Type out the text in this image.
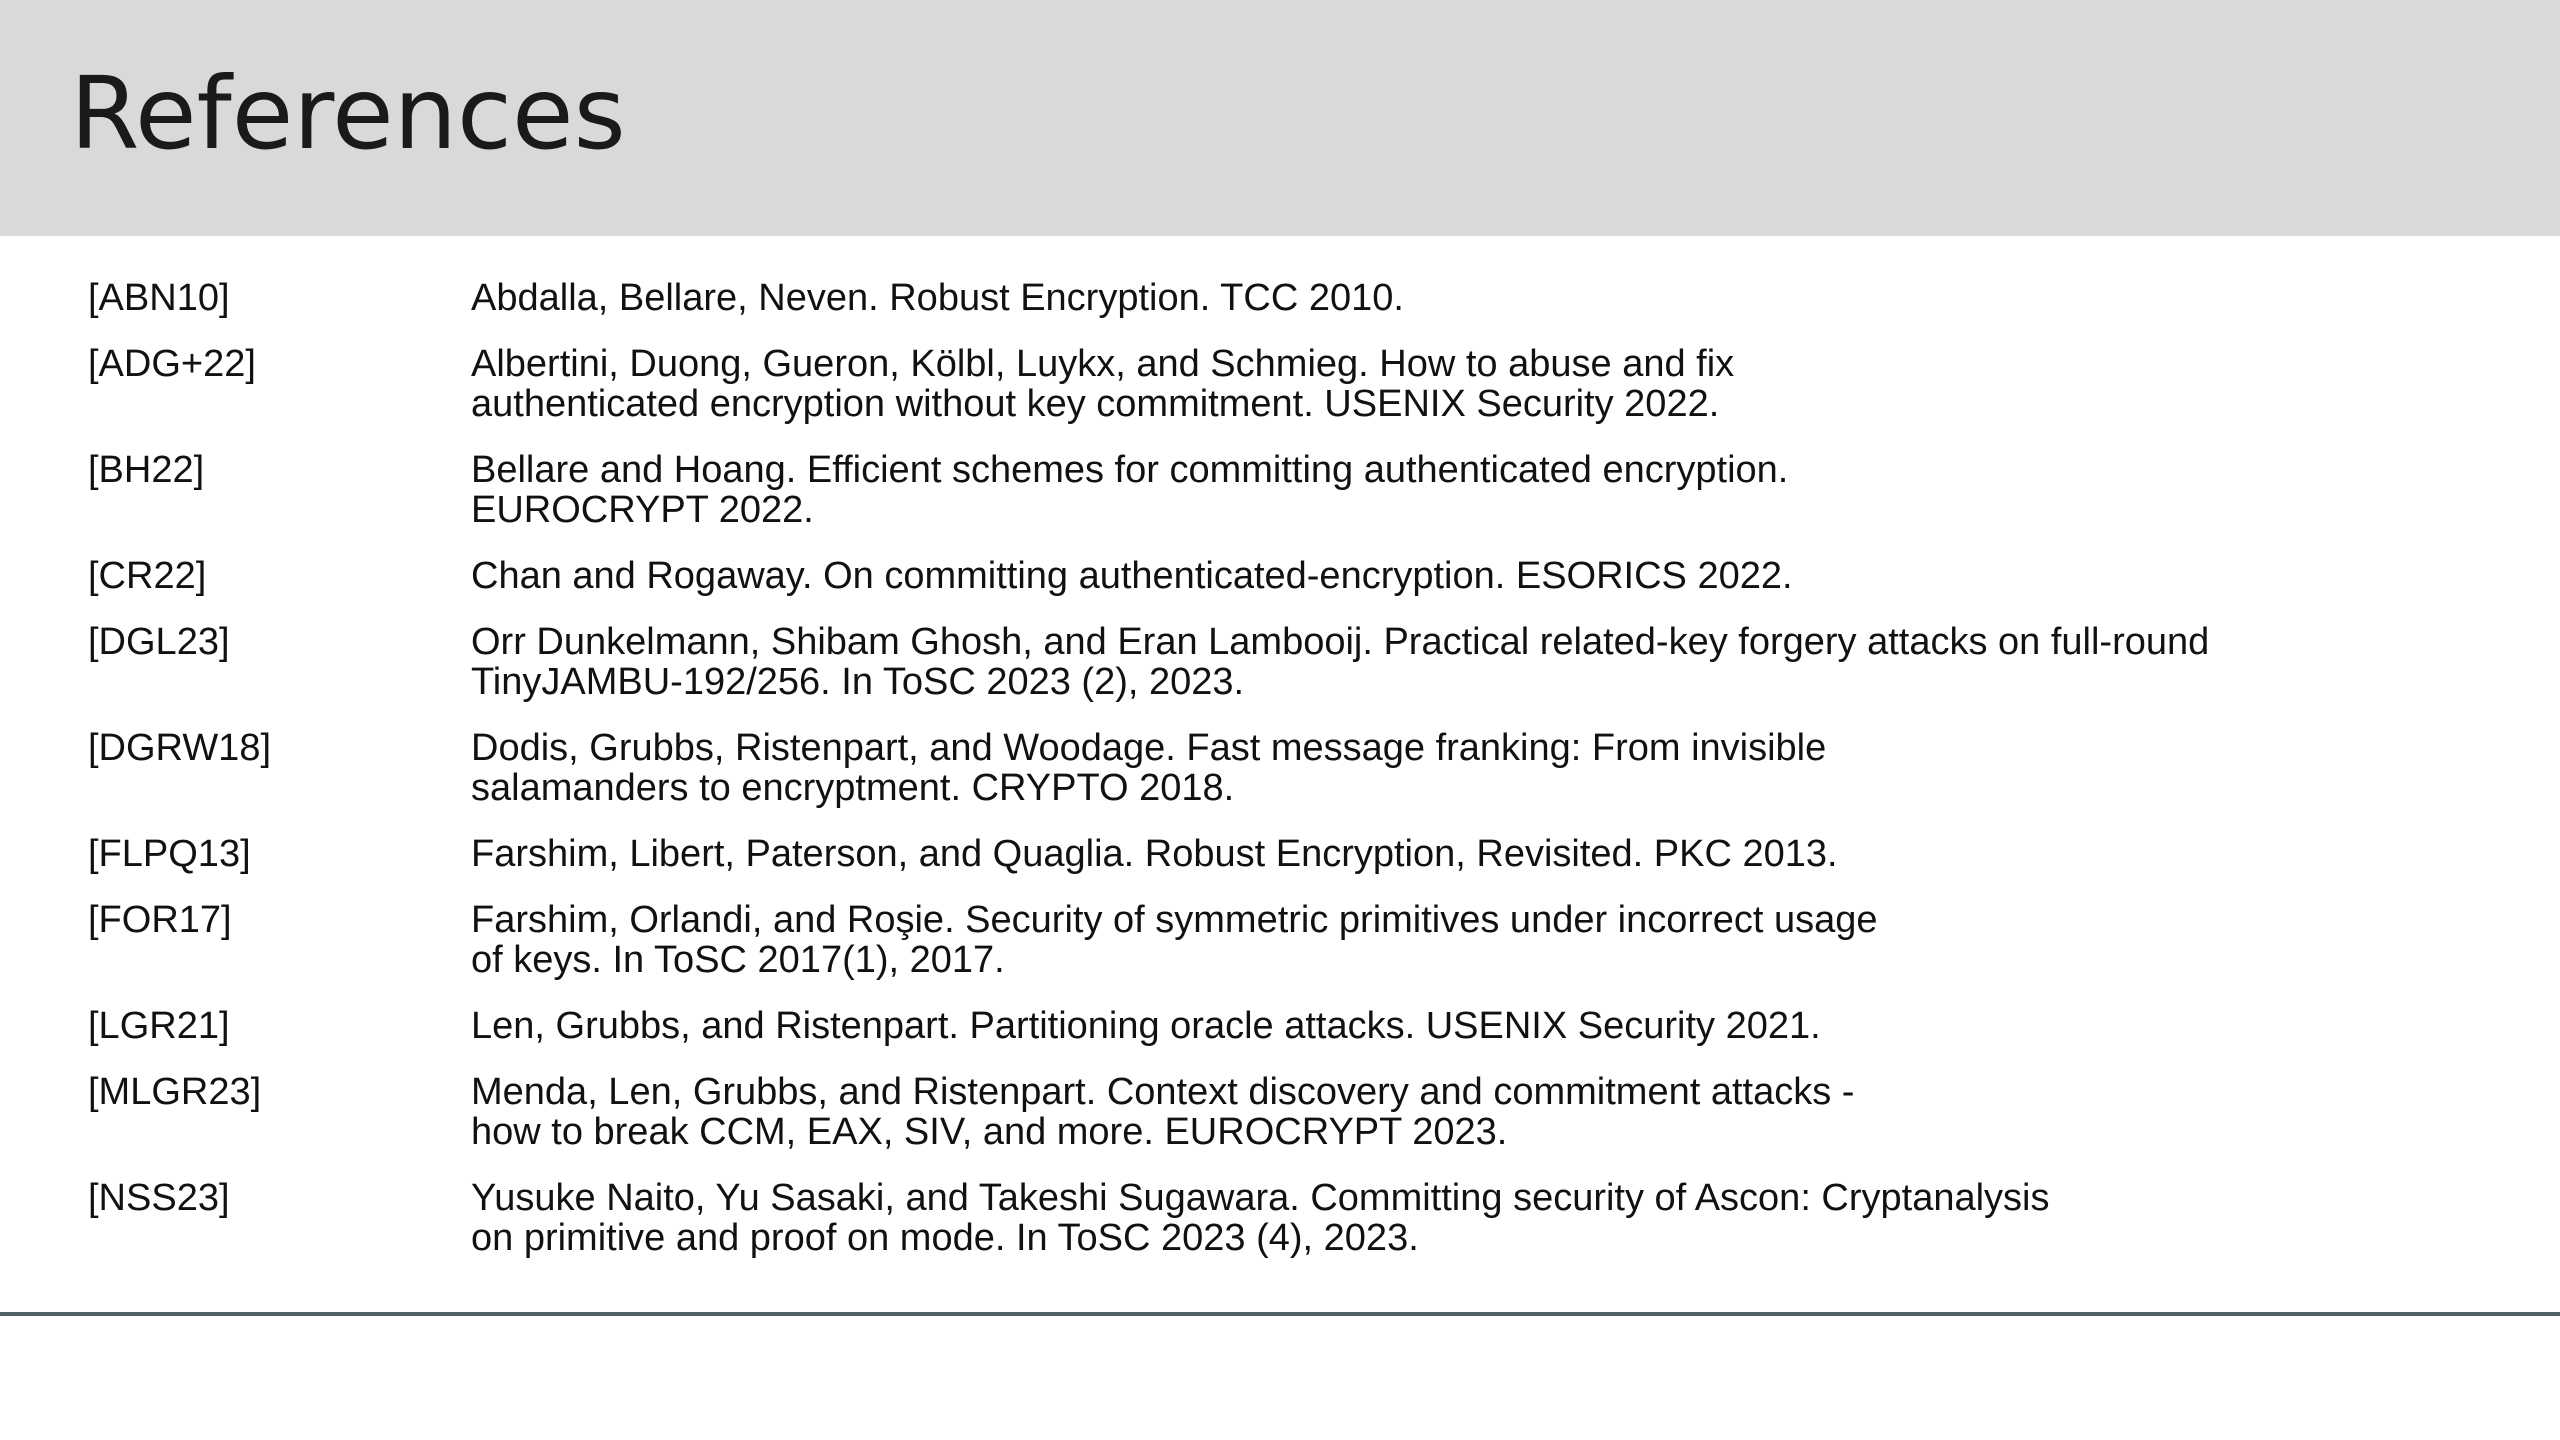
References
[ABN10]	Abdalla, Bellare, Neven. Robust Encryption. TCC 2010.
[ADG+22]	Albertini, Duong, Gueron, Kölbl, Luykx, and Schmieg. How to abuse and fix
authenticated encryption without key commitment. USENIX Security 2022.
[BH22]	Bellare and Hoang. Efficient schemes for committing authenticated encryption.
EUROCRYPT 2022.
[CR22]	Chan and Rogaway. On committing authenticated-encryption. ESORICS 2022.
[DGL23]	Orr Dunkelmann, Shibam Ghosh, and Eran Lambooij. Practical related-key forgery attacks on full-round
TinyJAMBU-192/256. In ToSC 2023 (2), 2023.
[DGRW18]	Dodis, Grubbs, Ristenpart, and Woodage. Fast message franking: From invisible
salamanders to encryptment. CRYPTO 2018.
[FLPQ13]	Farshim, Libert, Paterson, and Quaglia. Robust Encryption, Revisited. PKC 2013.
[FOR17]	Farshim, Orlandi, and Roşie. Security of symmetric primitives under incorrect usage
of keys. In ToSC 2017(1), 2017.
[LGR21]	Len, Grubbs, and Ristenpart. Partitioning oracle attacks. USENIX Security 2021.
[MLGR23]	Menda, Len, Grubbs, and Ristenpart. Context discovery and commitment attacks -
how to break CCM, EAX, SIV, and more. EUROCRYPT 2023.
[NSS23]	Yusuke Naito, Yu Sasaki, and Takeshi Sugawara. Committing security of Ascon: Cryptanalysis
on primitive and proof on mode. In ToSC 2023 (4), 2023.
